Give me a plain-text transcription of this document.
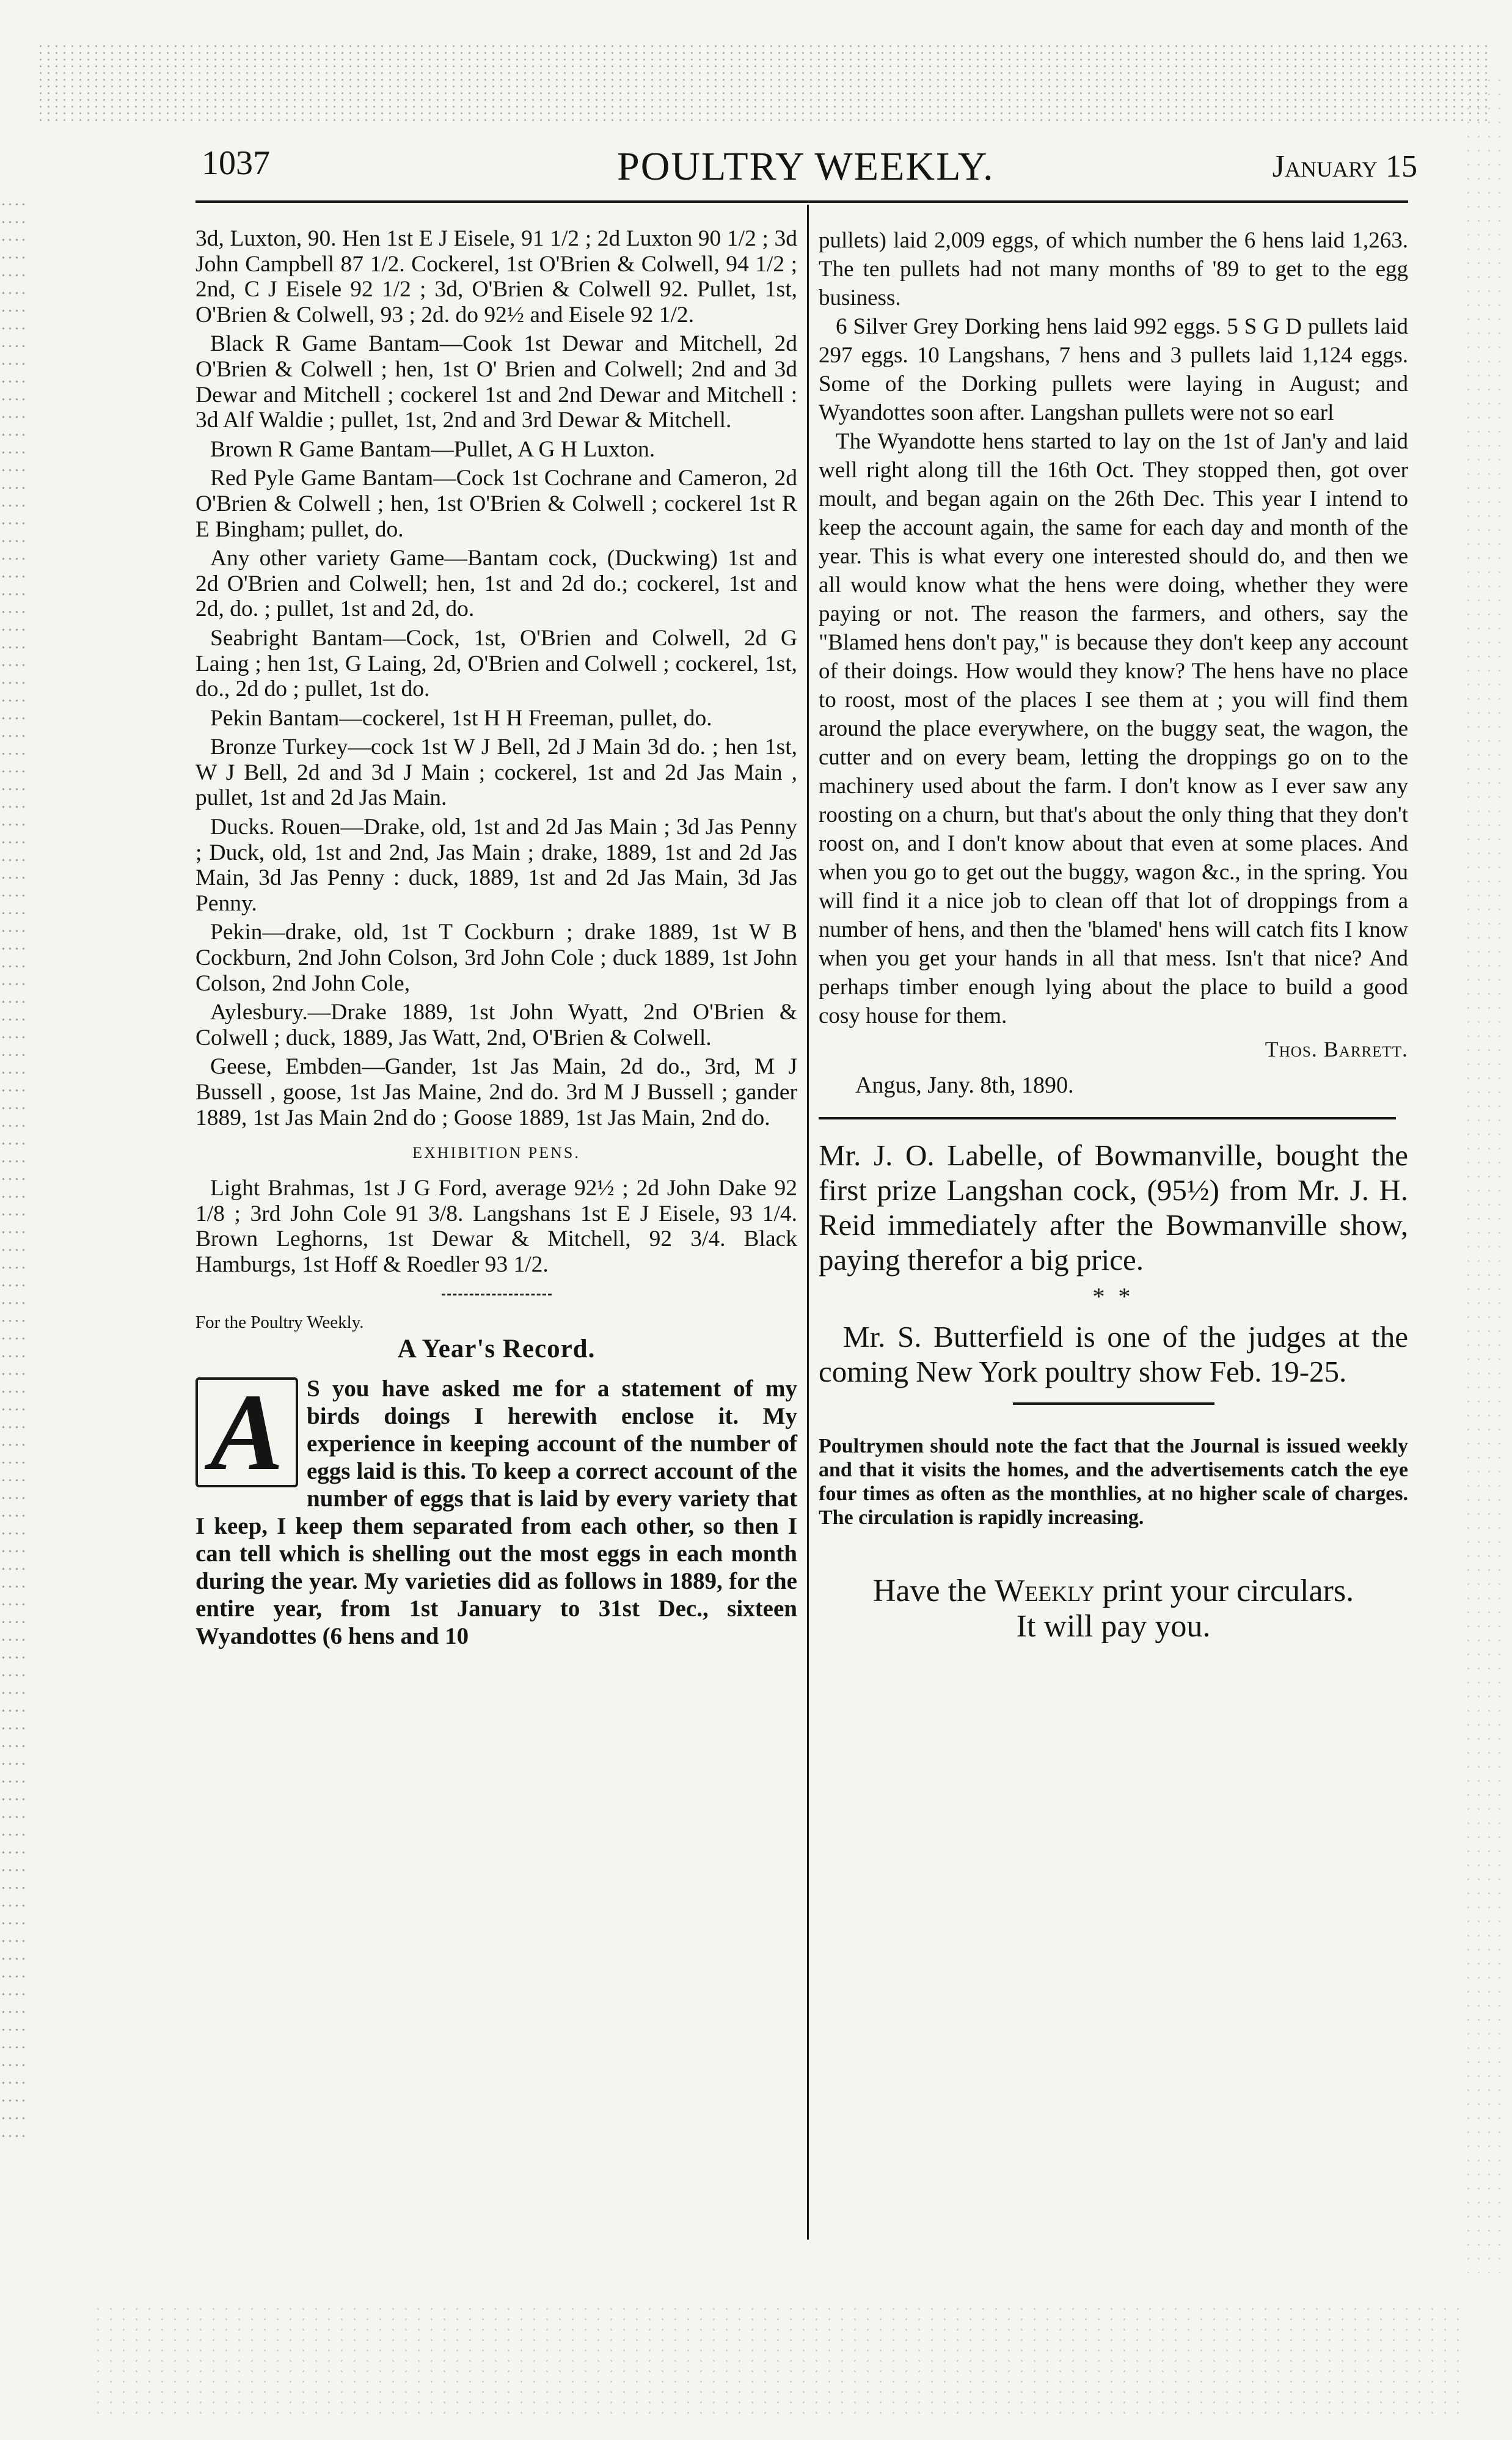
1037	POULTRY WEEKLY.	January 15

3d, Luxton, 90. Hen 1st E J Eisele, 91 1/2 ; 2d Luxton 90 1/2 ; 3d John Campbell 87 1/2. Cockerel, 1st O'Brien & Colwell, 94 1/2 ; 2nd, C J Eisele 92 1/2 ; 3d, O'Brien & Colwell 92. Pullet, 1st, O'Brien & Colwell, 93 ; 2d. do 92½ and Eisele 92 1/2.

Black R Game Bantam—Cook 1st Dewar and Mitchell, 2d O'Brien & Colwell ; hen, 1st O' Brien and Colwell; 2nd and 3d Dewar and Mitchell ; cockerel 1st and 2nd Dewar and Mitchell : 3d Alf Waldie ; pullet, 1st, 2nd and 3rd Dewar & Mitchell.

Brown R Game Bantam—Pullet, A G H Luxton.

Red Pyle Game Bantam—Cock 1st Cochrane and Cameron, 2d O'Brien & Colwell ; hen, 1st O'Brien & Colwell ; cockerel 1st R E Bingham; pullet, do.

Any other variety Game—Bantam cock, (Duckwing) 1st and 2d O'Brien and Colwell; hen, 1st and 2d do.; cockerel, 1st and 2d, do. ; pullet, 1st and 2d, do.

Seabright Bantam—Cock, 1st, O'Brien and Colwell, 2d G Laing ; hen 1st, G Laing, 2d, O'Brien and Colwell ; cockerel, 1st, do., 2d do ; pullet, 1st do.

Pekin Bantam—cockerel, 1st H H Freeman, pullet, do.

Bronze Turkey—cock 1st W J Bell, 2d J Main 3d do. ; hen 1st, W J Bell, 2d and 3d J Main ; cockerel, 1st and 2d Jas Main , pullet, 1st and 2d Jas Main.

Ducks. Rouen—Drake, old, 1st and 2d Jas Main ; 3d Jas Penny ; Duck, old, 1st and 2nd, Jas Main ; drake, 1889, 1st and 2d Jas Main, 3d Jas Penny : duck, 1889, 1st and 2d Jas Main, 3d Jas Penny.

Pekin—drake, old, 1st T Cockburn ; drake 1889, 1st W B Cockburn, 2nd John Colson, 3rd John Cole ; duck 1889, 1st John Colson, 2nd John Cole,

Aylesbury.—Drake 1889, 1st John Wyatt, 2nd O'Brien & Colwell ; duck, 1889, Jas Watt, 2nd, O'Brien & Colwell.

Geese, Embden—Gander, 1st Jas Main, 2d do., 3rd, M J Bussell , goose, 1st Jas Maine, 2nd do. 3rd M J Bussell ; gander 1889, 1st Jas Main 2nd do ; Goose 1889, 1st Jas Main, 2nd do.

EXHIBITION PENS.

Light Brahmas, 1st J G Ford, average 92½ ; 2d John Dake 92 1/8 ; 3rd John Cole 91 3/8. Langshans 1st E J Eisele, 93 1/4. Brown Leghorns, 1st Dewar & Mitchell, 92 3/4. Black Hamburgs, 1st Hoff & Roedler 93 1/2.

For the Poultry Weekly.
A Year's Record.
A S you have asked me for a statement of my birds doings I herewith enclose it. My experience in keeping account of the number of eggs laid is this. To keep a correct account of the number of eggs that is laid by every variety that I keep, I keep them separated from each other, so then I can tell which is shelling out the most eggs in each month during the year. My varieties did as follows in 1889, for the entire year, from 1st January to 31st Dec., sixteen Wyandottes (6 hens and 10

pullets) laid 2,009 eggs, of which number the 6 hens laid 1,263. The ten pullets had not many months of '89 to get to the egg business.

6 Silver Grey Dorking hens laid 992 eggs. 5 S G D pullets laid 297 eggs. 10 Langshans, 7 hens and 3 pullets laid 1,124 eggs. Some of the Dorking pullets were laying in August; and Wyandottes soon after. Langshan pullets were not so earl

The Wyandotte hens started to lay on the 1st of Jan'y and laid well right along till the 16th Oct. They stopped then, got over moult, and began again on the 26th Dec. This year I intend to keep the account again, the same for each day and month of the year. This is what every one interested should do, and then we all would know what the hens were doing, whether they were paying or not. The reason the farmers, and others, say the "Blamed hens don't pay," is because they don't keep any account of their doings. How would they know? The hens have no place to roost, most of the places I see them at ; you will find them around the place everywhere, on the buggy seat, the wagon, the cutter and on every beam, letting the droppings go on to the machinery used about the farm. I don't know as I ever saw any roosting on a churn, but that's about the only thing that they don't roost on, and I don't know about that even at some places. And when you go to get out the buggy, wagon &c., in the spring. You will find it a nice job to clean off that lot of droppings from a number of hens, and then the 'blamed' hens will catch fits I know when you get your hands in all that mess. Isn't that nice? And perhaps timber enough lying about the place to build a good cosy house for them.

Thos. Barrett.
Angus, Jany. 8th, 1890.

Mr. J. O. Labelle, of Bowmanville, bought the first prize Langshan cock, (95½) from Mr. J. H. Reid immediately after the Bowmanville show, paying therefor a big price.

* *

Mr. S. Butterfield is one of the judges at the coming New York poultry show Feb. 19-25.

Poultrymen should note the fact that the Journal is issued weekly and that it visits the homes, and the advertisements catch the eye four times as often as the monthlies, at no higher scale of charges. The circulation is rapidly increasing.
Have the Weekly print your circulars.
It will pay you.
